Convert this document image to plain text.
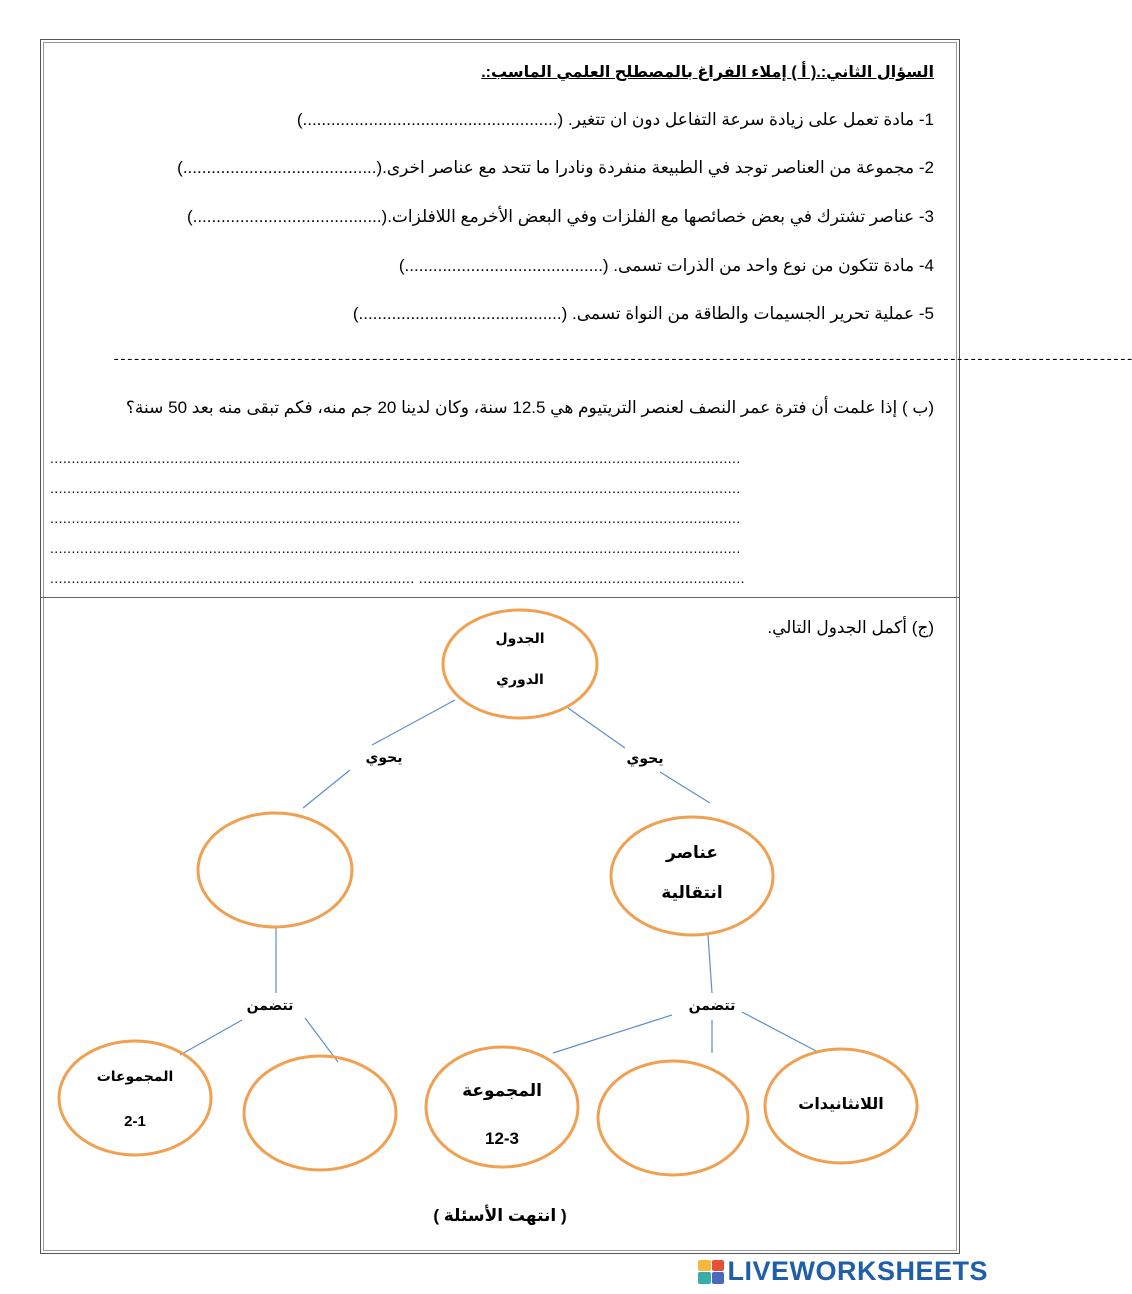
السؤال الثاني:.( أ ) إملاء الفراغ بالمصطلح العلمي الماسب:.
1- مادة تعمل على زيادة سرعة التفاعل دون ان تتغير. (......................................................)
2- مجموعة من العناصر توجد في الطبيعة منفردة ونادرا ما تتحد مع عناصر اخرى.(.........................................)
3- عناصر تشترك في بعض خصائصها مع الفلزات وفي البعض الأخرمع اللافلزات.(........................................)
4- مادة تتكون من نوع واحد من الذرات تسمى. (..........................................)
5- عملية تحرير الجسيمات والطاقة من النواة تسمى. (...........................................)
------------------------------------------------------------------------------------------------------------------------------------------------------
(ب ) إذا علمت أن فترة عمر النصف لعنصر التريتيوم هي 12.5 سنة، وكان لدينا 20 جم منه، فكم تبقى منه بعد 50 سنة؟
.................................................................................................................................................................
.................................................................................................................................................................
.................................................................................................................................................................
.................................................................................................................................................................
..................................................................................... ............................................................................
(ج) أكمل الجدول التالي.
الجدول
الدوري
يحوي	يحوي
عناصر
انتقالية
تتضمن	تتضمن
المجموعات
2-1
المجموعة
12-3
اللانثانيدات
( انتهت الأسئلة )
LIVEWORKSHEETS
